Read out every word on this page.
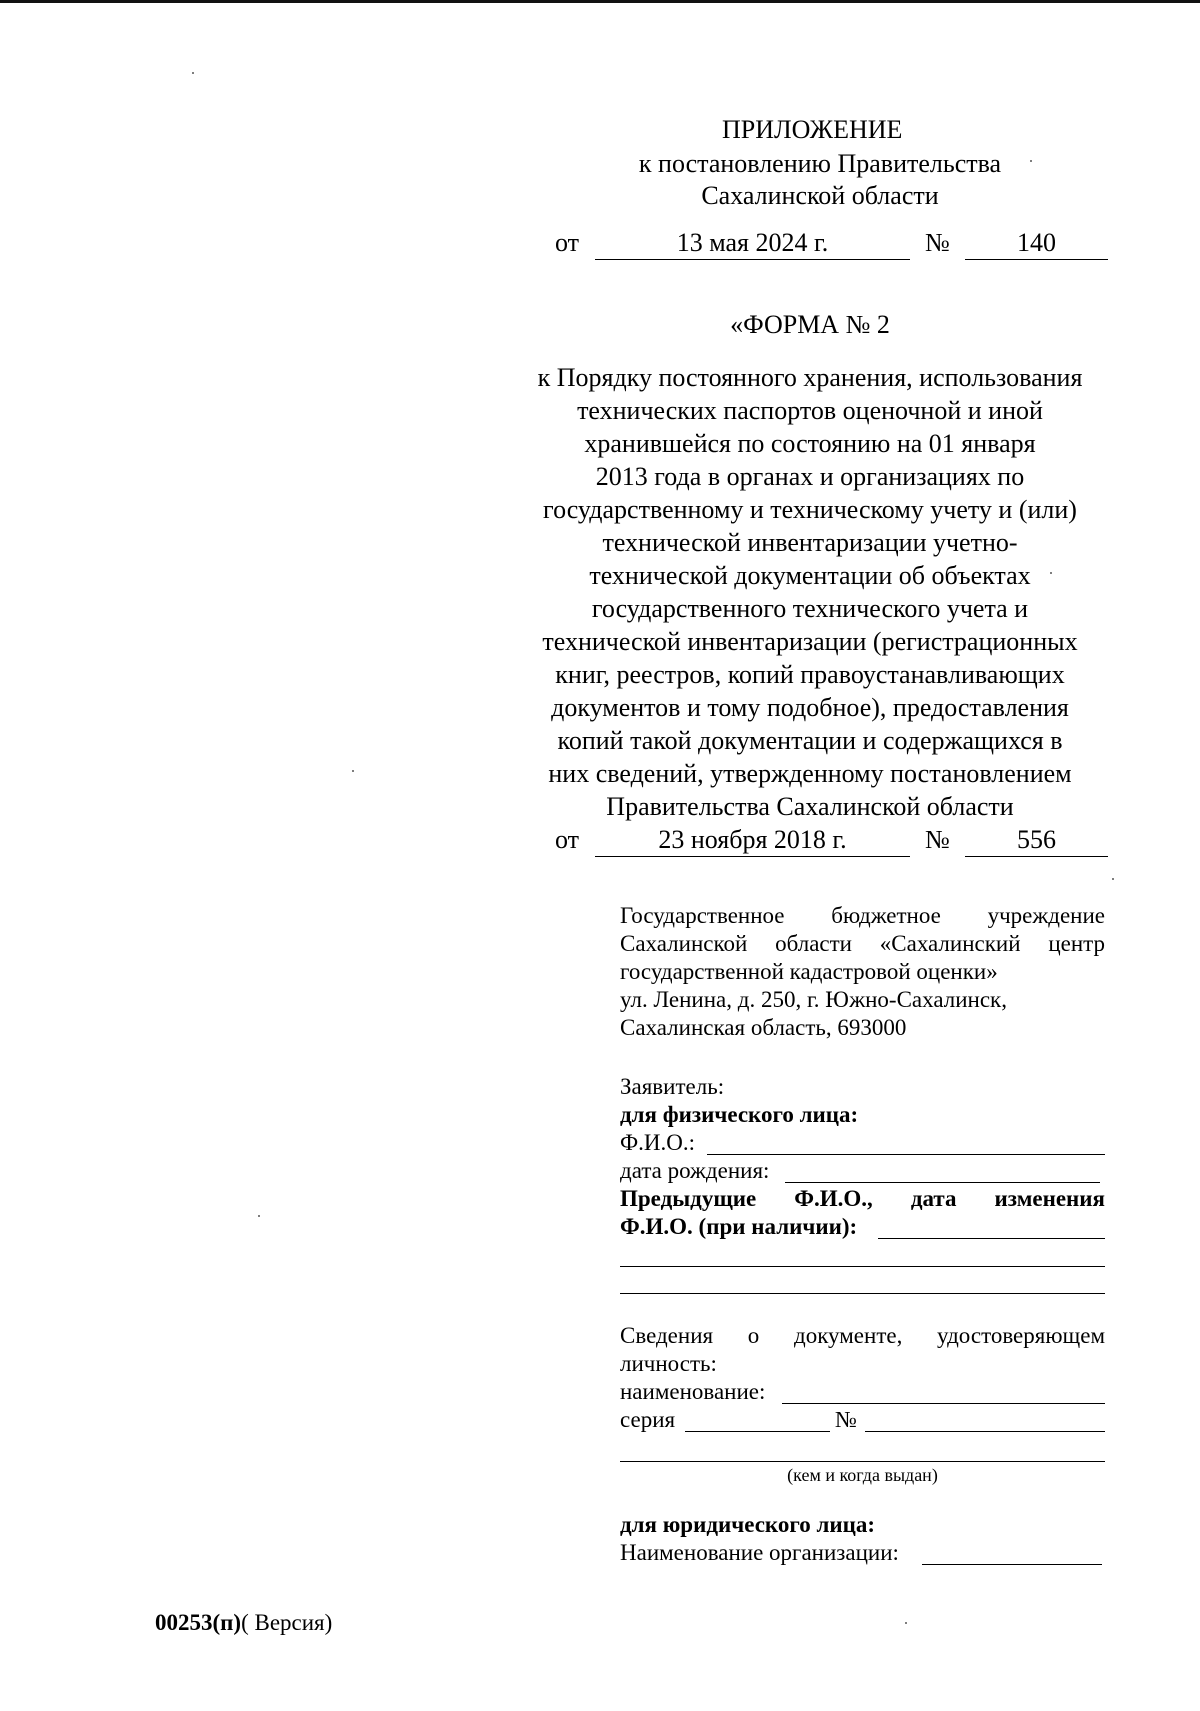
ПРИЛОЖЕНИЕ
к постановлению Правительства
Сахалинской области
от	13 мая 2024 г.	№	140
«ФОРМА № 2
к Порядку постоянного хранения, использования
технических паспортов оценочной и иной
хранившейся по состоянию на 01 января
2013 года в органах и организациях по
государственному и техническому учету и (или)
технической инвентаризации учетно-
технической документации об объектах
государственного технического учета и
технической инвентаризации (регистрационных
книг, реестров, копий правоустанавливающих
документов и тому подобное), предоставления
копий такой документации и содержащихся в
них сведений, утвержденному постановлением
Правительства Сахалинской области
от	23 ноября 2018 г.	№	556
Государственное бюджетное учреждение
Сахалинской области «Сахалинский центр
государственной кадастровой оценки»
ул. Ленина, д. 250, г. Южно-Сахалинск,
Сахалинская область, 693000
Заявитель:
для физического лица:
Ф.И.О.:
дата рождения:
Предыдущие Ф.И.О., дата изменения
Ф.И.О. (при наличии):
Сведения о документе, удостоверяющем
личность:
наименование:
серия	№
(кем и когда выдан)
для юридического лица:
Наименование организации:
00253(п)( Версия)
